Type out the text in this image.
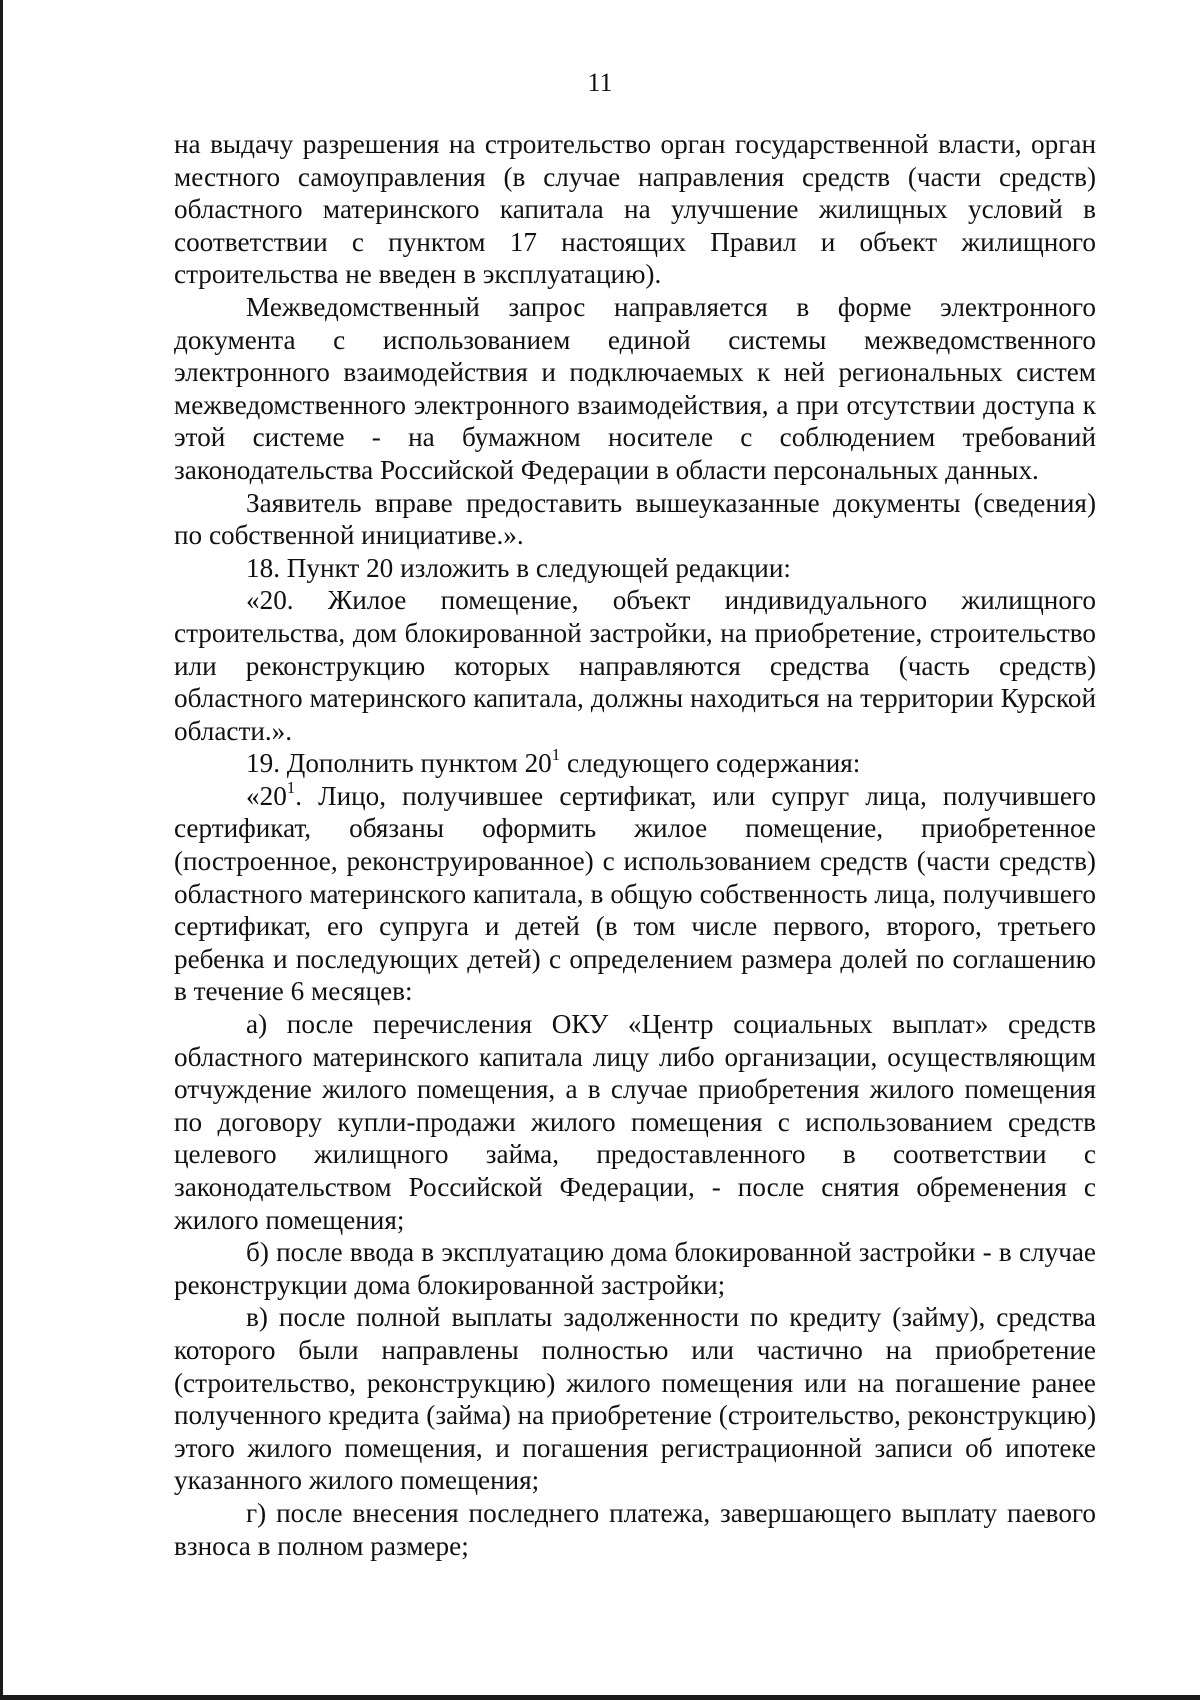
11

на выдачу разрешения на строительство орган государственной власти, орган местного самоуправления (в случае направления средств (части средств) областного материнского капитала на улучшение жилищных условий в соответствии с пунктом 17 настоящих Правил и объект жилищного строительства не введен в эксплуатацию).

Межведомственный запрос направляется в форме электронного документа с использованием единой системы межведомственного электронного взаимодействия и подключаемых к ней региональных систем межведомственного электронного взаимодействия, а при отсутствии доступа к этой системе - на бумажном носителе с соблюдением требований законодательства Российской Федерации в области персональных данных.

Заявитель вправе предоставить вышеуказанные документы (сведения) по собственной инициативе.».

18. Пункт 20 изложить в следующей редакции:

«20. Жилое помещение, объект индивидуального жилищного строительства, дом блокированной застройки, на приобретение, строительство или реконструкцию которых направляются средства (часть средств) областного материнского капитала, должны находиться на территории Курской области.».

19. Дополнить пунктом $20^1$ следующего содержания:

«$20^1$. Лицо, получившее сертификат, или супруг лица, получившего сертификат, обязаны оформить жилое помещение, приобретенное (построенное, реконструированное) с использованием средств (части средств) областного материнского капитала, в общую собственность лица, получившего сертификат, его супруга и детей (в том числе первого, второго, третьего ребенка и последующих детей) с определением размера долей по соглашению в течение 6 месяцев:

а) после перечисления ОКУ «Центр социальных выплат» средств областного материнского капитала лицу либо организации, осуществляющим отчуждение жилого помещения, а в случае приобретения жилого помещения по договору купли-продажи жилого помещения с использованием средств целевого жилищного займа, предоставленного в соответствии с законодательством Российской Федерации, - после снятия обременения с жилого помещения;

б) после ввода в эксплуатацию дома блокированной застройки - в случае реконструкции дома блокированной застройки;

в) после полной выплаты задолженности по кредиту (займу), средства которого были направлены полностью или частично на приобретение (строительство, реконструкцию) жилого помещения или на погашение ранее полученного кредита (займа) на приобретение (строительство, реконструкцию) этого жилого помещения, и погашения регистрационной записи об ипотеке указанного жилого помещения;

г) после внесения последнего платежа, завершающего выплату паевого взноса в полном размере;
